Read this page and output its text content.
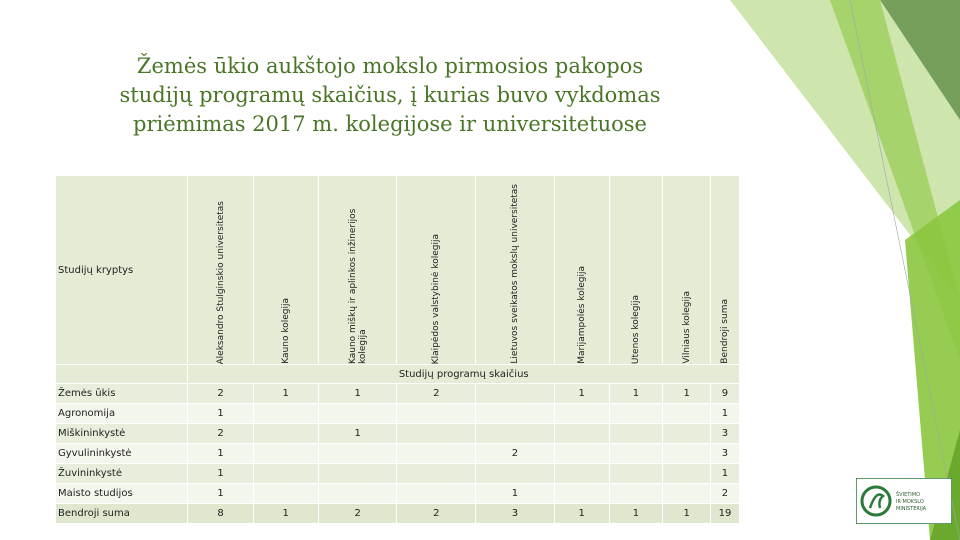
Žemės ūkio aukštojo mokslo pirmosios pakopos
studijų programų skaičius, į kurias buvo vykdomas
priėmimas 2017 m. kolegijose ir universitetuose
Studijų kryptys	Aleksandro Stulginskio universitetas	Kauno kolegija	Kauno miškų ir aplinkos inžinerijos kolegija	Klaipėdos valstybinė kolegija	Lietuvos sveikatos mokslų universitetas	Marijampolės kolegija	Utenos kolegija	Vilniaus kolegija	Bendroji suma

	Studijų programų skaičius								
Žemės ūkis	2	1	1	2		1	1	1	9
Agronomija	1								1
Miškininkystė	2		1						3
Gyvulininkystė	1				2				3
Žuvininkystė	1								1
Maisto studijos	1				1				2
Bendroji suma	8	1	2	2	3	1	1	1	19
ŠVIETIMO
IR MOKSLO
MINISTERIJA
